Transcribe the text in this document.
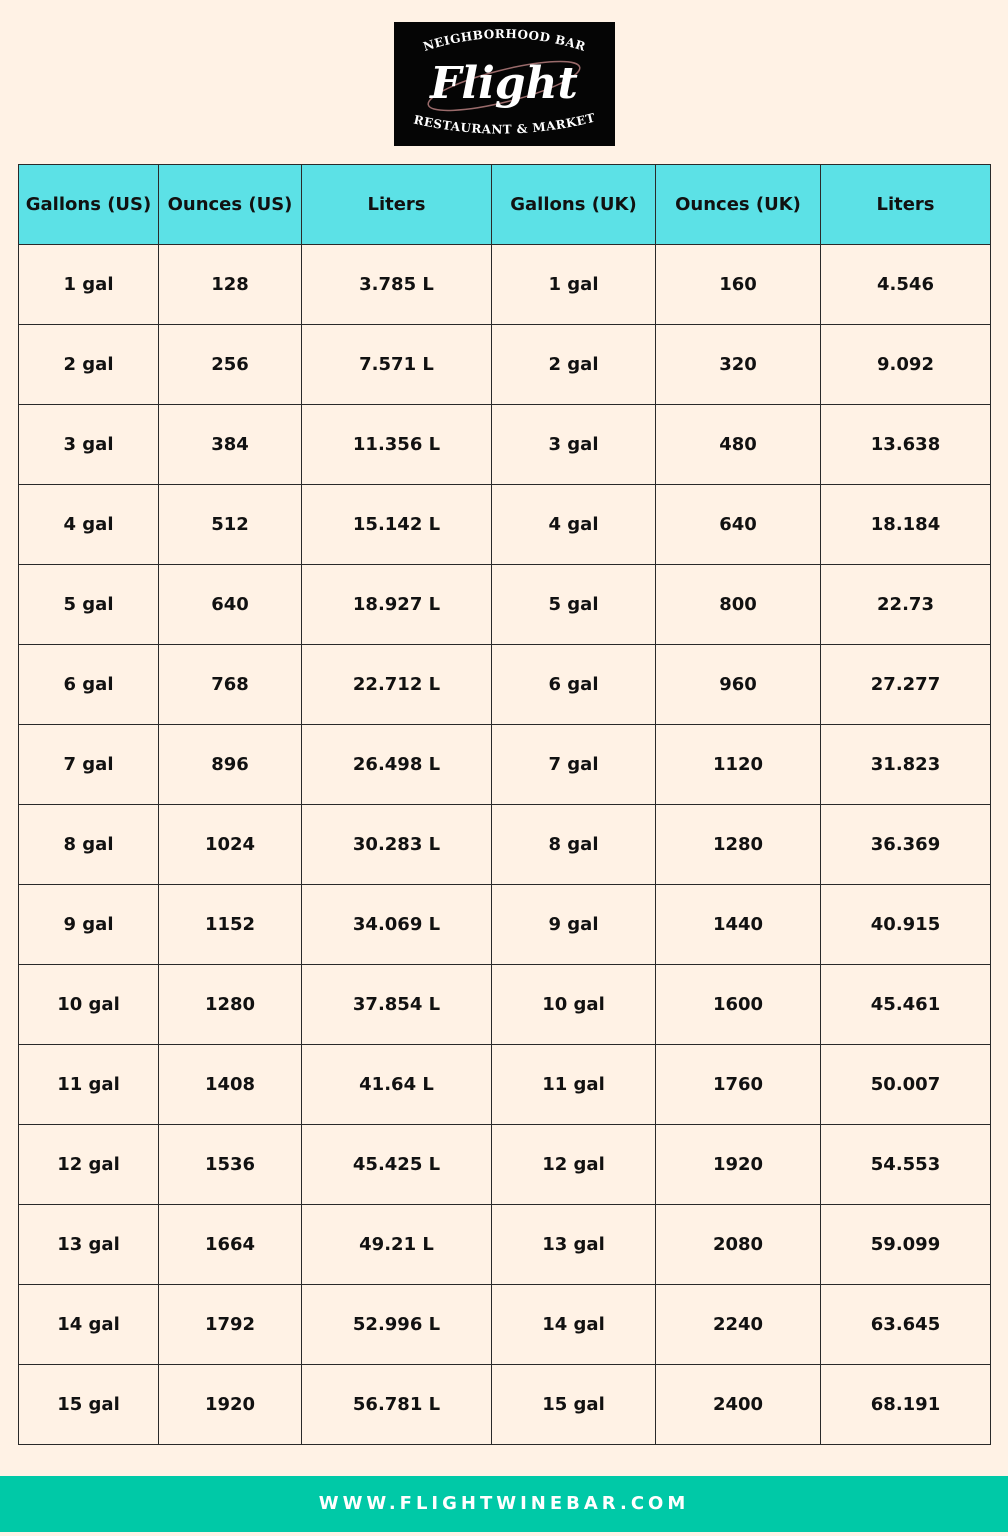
NEIGHBORHOOD BAR
Flight
RESTAURANT & MARKET
Gallons (US)	Ounces (US)	Liters	Gallons (UK)	Ounces (UK)	Liters
1 gal	128	3.785 L	1 gal	160	4.546
2 gal	256	7.571 L	2 gal	320	9.092
3 gal	384	11.356 L	3 gal	480	13.638
4 gal	512	15.142 L	4 gal	640	18.184
5 gal	640	18.927 L	5 gal	800	22.73
6 gal	768	22.712 L	6 gal	960	27.277
7 gal	896	26.498 L	7 gal	1120	31.823
8 gal	1024	30.283 L	8 gal	1280	36.369
9 gal	1152	34.069 L	9 gal	1440	40.915
10 gal	1280	37.854 L	10 gal	1600	45.461
11 gal	1408	41.64 L	11 gal	1760	50.007
12 gal	1536	45.425 L	12 gal	1920	54.553
13 gal	1664	49.21 L	13 gal	2080	59.099
14 gal	1792	52.996 L	14 gal	2240	63.645
15 gal	1920	56.781 L	15 gal	2400	68.191
WWW.FLIGHTWINEBAR.COM
